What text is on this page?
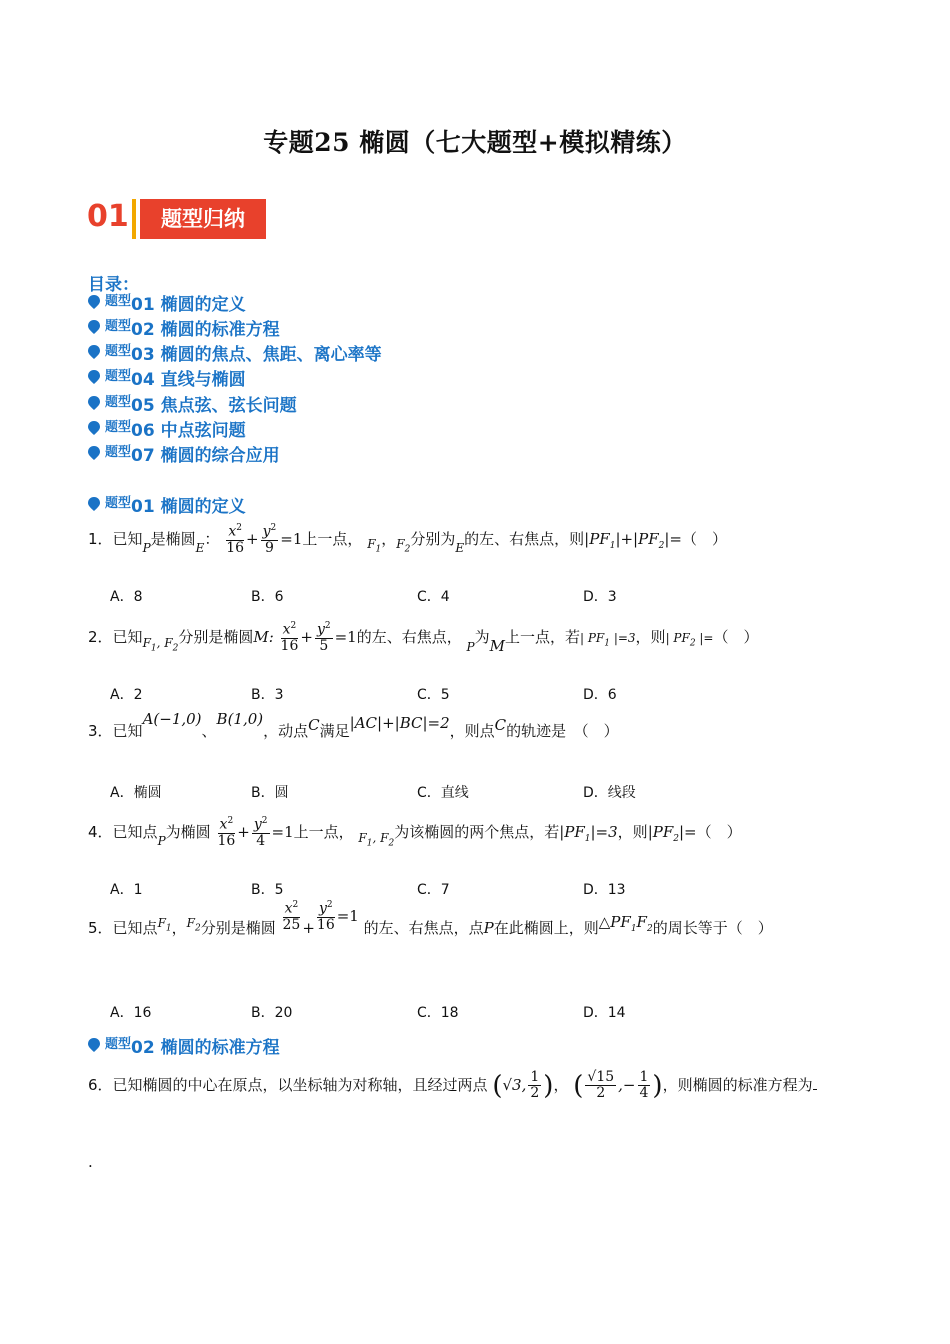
专题25 椭圆（七大题型+模拟精练）
01	题型归纳
目录：
题型 01 椭圆的定义
题型 02 椭圆的标准方程
题型 03 椭圆的焦点、焦距、离心率等
题型 04 直线与椭圆
题型 05 焦点弦、弦长问题
题型 06 中点弦问题
题型 07 椭圆的综合应用
题型 01 椭圆的定义
1．已知$_P$是椭圆$_E$： $\frac{x^2}{16} + \frac{y^2}{9} =1$上一点， $_{F_1}$，$_{F_2}$分别为$_E$的左、右焦点，则$|PF_1|+|PF_2|=$（　）
A．8	B．6	C．4	D．3
2．已知$_{F_1, F_2}$分别是椭圆M: $\frac{x^2}{16} + \frac{y^2}{5} =1$的左、右焦点， $_P$为M上一点，若| $PF_1$ |=3，则| $PF_2$ |=（　）
A．2	B．3	C．5	D．6
3．已知A(−1,0)、B(1,0)，动点C满足|AC|+|BC|=2，则点C的轨迹是　（　）
A．椭圆	B．圆	C．直线	D．线段
4．已知点$_P$为椭圆 $\frac{x^2}{16} + \frac{y^2}{4} =1$上一点， $_{F_1, F_2}$为该椭圆的两个焦点，若$|PF_1|=3$，则$|PF_2|=$（　）
A．1	B．5	C．7	D．13
5．已知点$^{F_1}$，$^{F_2}$分别是椭圆 $\frac{x^2}{25} + \frac{y^2}{16} =1$ 的左、右焦点，点P在此椭圆上，则$\triangle PF_1F_2$的周长等于（　）
A．16	B．20	C．18	D．14
题型 02 椭圆的标准方程
6．已知椭圆的中心在原点，以坐标轴为对称轴，且经过两点 (√3, $\frac{1}{2}$ )， ( $\frac{√15}{2}$ ,− $\frac{1}{4}$ )，则椭圆的标准方程为
.
